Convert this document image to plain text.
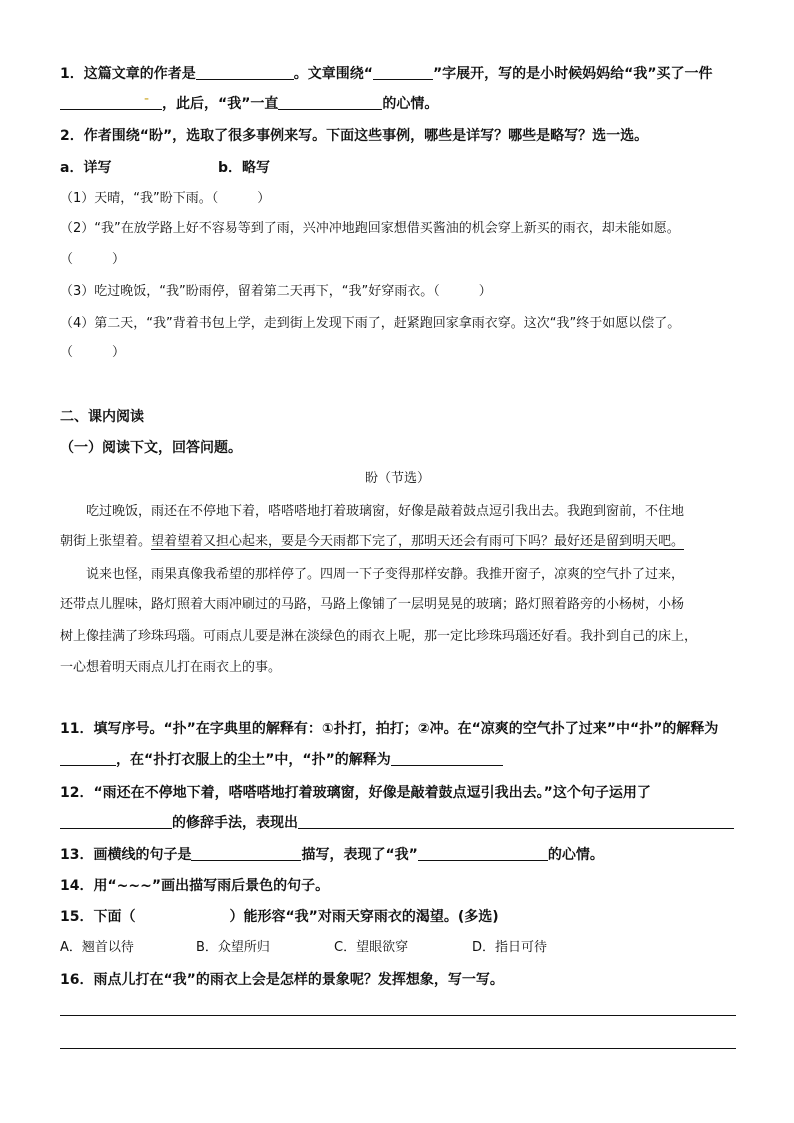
1．这篇文章的作者是	。文章围绕“	”字展开，写的是小时候妈妈给“我”买了一件
- ，此后，“我”一直	的心情。
2．作者围绕“盼”，选取了很多事例来写。下面这些事例，哪些是详写？哪些是略写？选一选。
a．详写	b．略写
（1）天晴，“我”盼下雨。（　　　）
（2）“我”在放学路上好不容易等到了雨，兴冲冲地跑回家想借买酱油的机会穿上新买的雨衣，却未能如愿。
（　　　）
（3）吃过晚饭，“我”盼雨停，留着第二天再下，“我”好穿雨衣。（　　　）
（4）第二天，“我”背着书包上学，走到街上发现下雨了，赶紧跑回家拿雨衣穿。这次“我”终于如愿以偿了。
（　　　）
二、课内阅读
（一）阅读下文，回答问题。
盼（节选）
吃过晚饭，雨还在不停地下着，嗒嗒嗒地打着玻璃窗，好像是敲着鼓点逗引我出去。我跑到窗前，不住地
朝街上张望着。望着望着又担心起来，要是今天雨都下完了，那明天还会有雨可下吗？最好还是留到明天吧。
说来也怪，雨果真像我希望的那样停了。四周一下子变得那样安静。我推开窗子，凉爽的空气扑了过来，
还带点儿腥味，路灯照着大雨冲刷过的马路，马路上像铺了一层明晃晃的玻璃；路灯照着路旁的小杨树，小杨
树上像挂满了珍珠玛瑙。可雨点儿要是淋在淡绿色的雨衣上呢，那一定比珍珠玛瑙还好看。我扑到自己的床上，
一心想着明天雨点儿打在雨衣上的事。
11．填写序号。“扑”在字典里的解释有：①扑打，拍打；②冲。在“凉爽的空气扑了过来”中“扑”的解释为
，在“扑打衣服上的尘土”中，“扑”的解释为
12．“雨还在不停地下着，嗒嗒嗒地打着玻璃窗，好像是敲着鼓点逗引我出去。”这个句子运用了
的修辞手法，表现出
13．画横线的句子是	描写，表现了“我”	的心情。
14．用“~~~”画出描写雨后景色的句子。
15．下面（	）能形容“我”对雨天穿雨衣的渴望。(多选)
A．翘首以待	B．众望所归	C．望眼欲穿	D．指日可待
16．雨点儿打在“我”的雨衣上会是怎样的景象呢？发挥想象，写一写。
